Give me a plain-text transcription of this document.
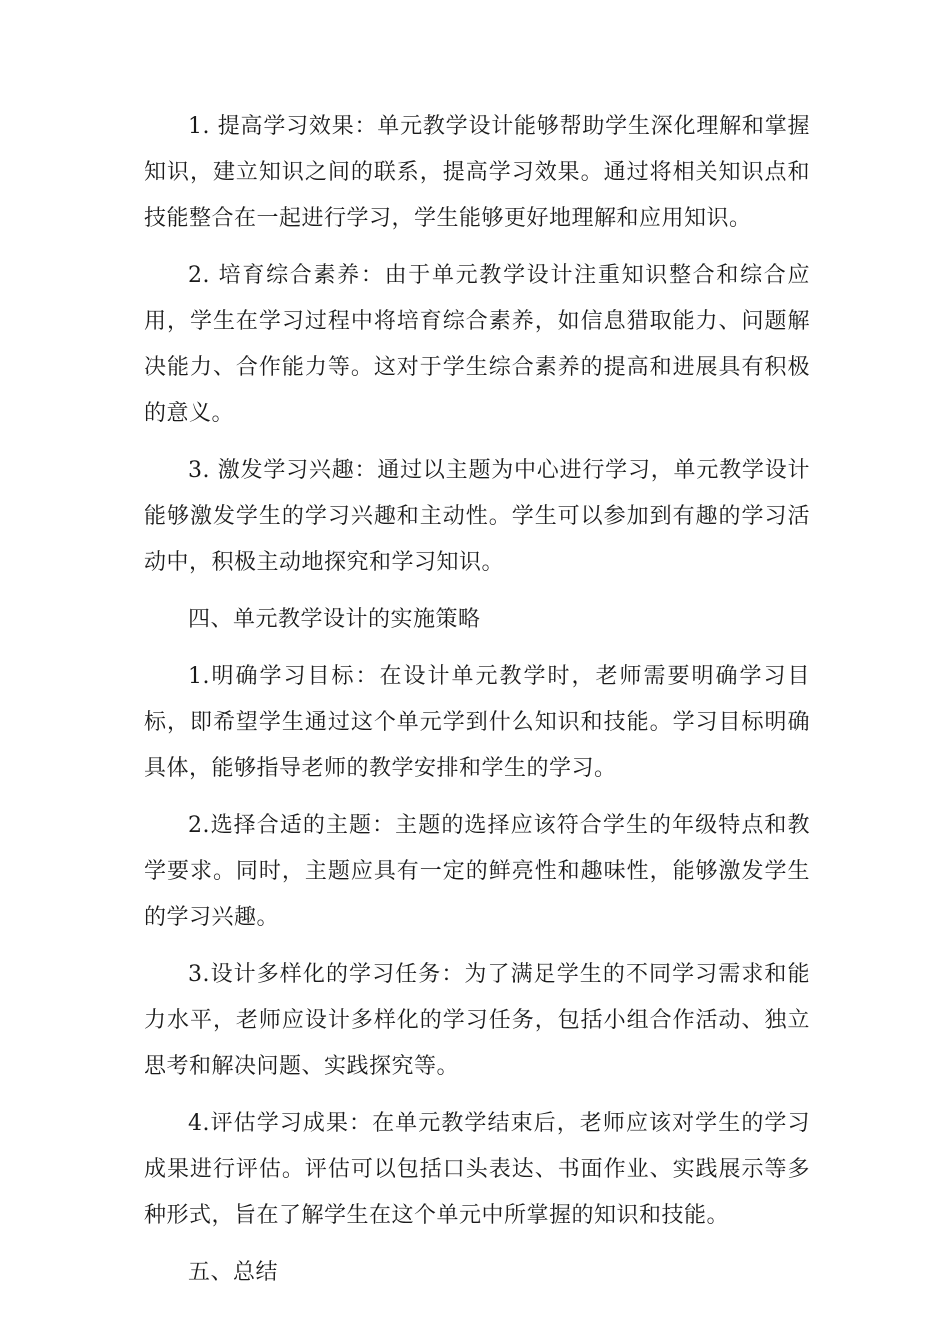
1. 提高学习效果：单元教学设计能够帮助学生深化理解和掌握知识，建立知识之间的联系，提高学习效果。通过将相关知识点和技能整合在一起进行学习，学生能够更好地理解和应用知识。

2. 培育综合素养：由于单元教学设计注重知识整合和综合应用，学生在学习过程中将培育综合素养，如信息猎取能力、问题解决能力、合作能力等。这对于学生综合素养的提高和进展具有积极的意义。

3. 激发学习兴趣：通过以主题为中心进行学习，单元教学设计能够激发学生的学习兴趣和主动性。学生可以参加到有趣的学习活动中，积极主动地探究和学习知识。

四、单元教学设计的实施策略

1.明确学习目标：在设计单元教学时，老师需要明确学习目标，即希望学生通过这个单元学到什么知识和技能。学习目标明确具体，能够指导老师的教学安排和学生的学习。

2.选择合适的主题：主题的选择应该符合学生的年级特点和教学要求。同时，主题应具有一定的鲜亮性和趣味性，能够激发学生的学习兴趣。

3.设计多样化的学习任务：为了满足学生的不同学习需求和能力水平，老师应设计多样化的学习任务，包括小组合作活动、独立思考和解决问题、实践探究等。

4.评估学习成果：在单元教学结束后，老师应该对学生的学习成果进行评估。评估可以包括口头表达、书面作业、实践展示等多种形式，旨在了解学生在这个单元中所掌握的知识和技能。

五、总结
